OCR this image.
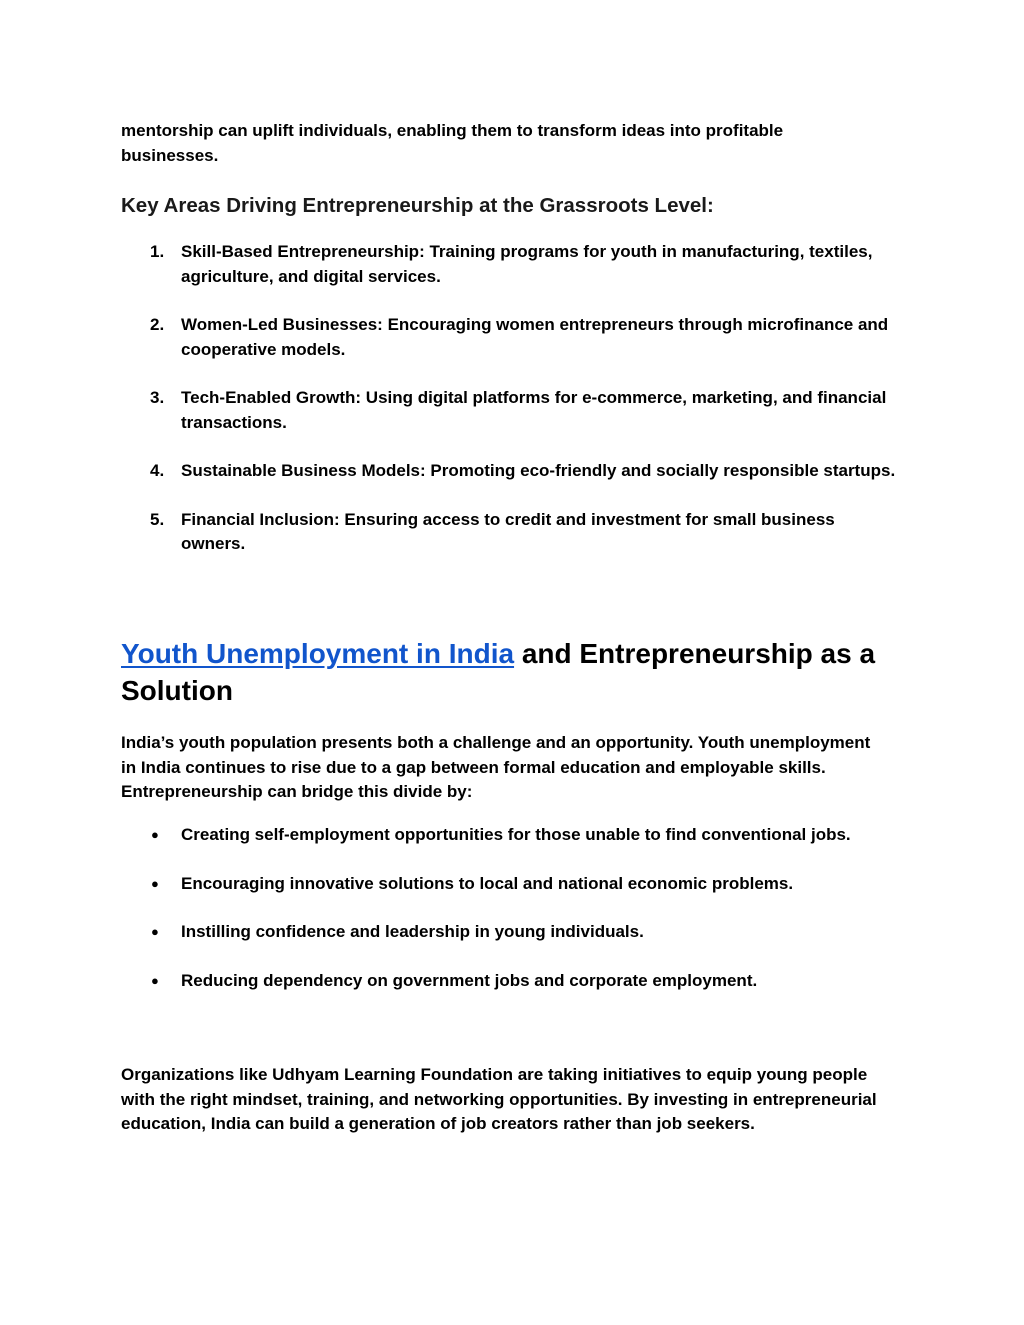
mentorship can uplift individuals, enabling them to transform ideas into profitable businesses.

Key Areas Driving Entrepreneurship at the Grassroots Level:
1. Skill-Based Entrepreneurship: Training programs for youth in manufacturing, textiles, agriculture, and digital services.
2. Women-Led Businesses: Encouraging women entrepreneurs through microfinance and cooperative models.
3. Tech-Enabled Growth: Using digital platforms for e-commerce, marketing, and financial transactions.
4. Sustainable Business Models: Promoting eco-friendly and socially responsible startups.
5. Financial Inclusion: Ensuring access to credit and investment for small business owners.
Youth Unemployment in India and Entrepreneurship as a Solution

India’s youth population presents both a challenge and an opportunity. Youth unemployment in India continues to rise due to a gap between formal education and employable skills. Entrepreneurship can bridge this divide by:

● Creating self-employment opportunities for those unable to find conventional jobs.
● Encouraging innovative solutions to local and national economic problems.
● Instilling confidence and leadership in young individuals.
● Reducing dependency on government jobs and corporate employment.

Organizations like Udhyam Learning Foundation are taking initiatives to equip young people with the right mindset, training, and networking opportunities. By investing in entrepreneurial education, India can build a generation of job creators rather than job seekers.
